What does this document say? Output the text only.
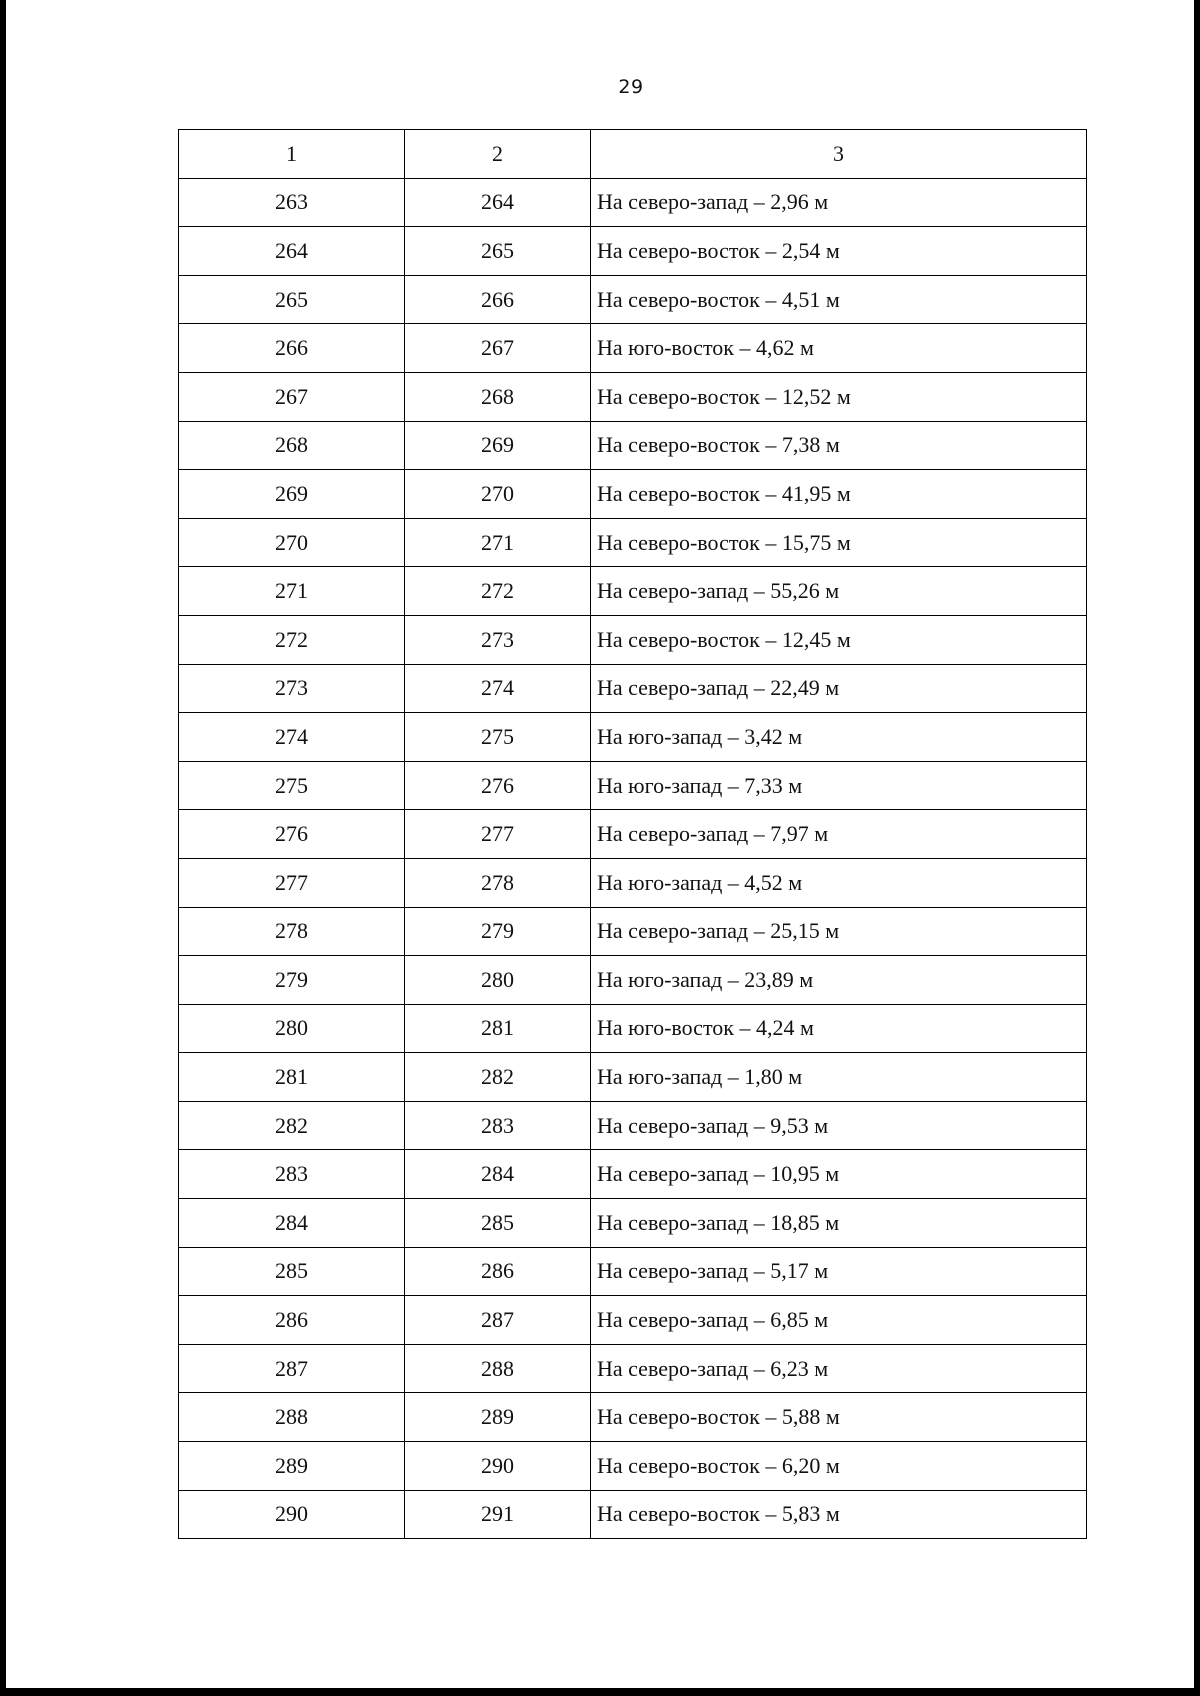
29
1	2	3
263	264	На северо-запад – 2,96 м
264	265	На северо-восток – 2,54 м
265	266	На северо-восток – 4,51 м
266	267	На юго-восток – 4,62 м
267	268	На северо-восток – 12,52 м
268	269	На северо-восток – 7,38 м
269	270	На северо-восток – 41,95 м
270	271	На северо-восток – 15,75 м
271	272	На северо-запад – 55,26 м
272	273	На северо-восток – 12,45 м
273	274	На северо-запад – 22,49 м
274	275	На юго-запад – 3,42 м
275	276	На юго-запад – 7,33 м
276	277	На северо-запад – 7,97 м
277	278	На юго-запад – 4,52 м
278	279	На северо-запад – 25,15 м
279	280	На юго-запад – 23,89 м
280	281	На юго-восток – 4,24 м
281	282	На юго-запад – 1,80 м
282	283	На северо-запад – 9,53 м
283	284	На северо-запад – 10,95 м
284	285	На северо-запад – 18,85 м
285	286	На северо-запад – 5,17 м
286	287	На северо-запад – 6,85 м
287	288	На северо-запад – 6,23 м
288	289	На северо-восток – 5,88 м
289	290	На северо-восток – 6,20 м
290	291	На северо-восток – 5,83 м
